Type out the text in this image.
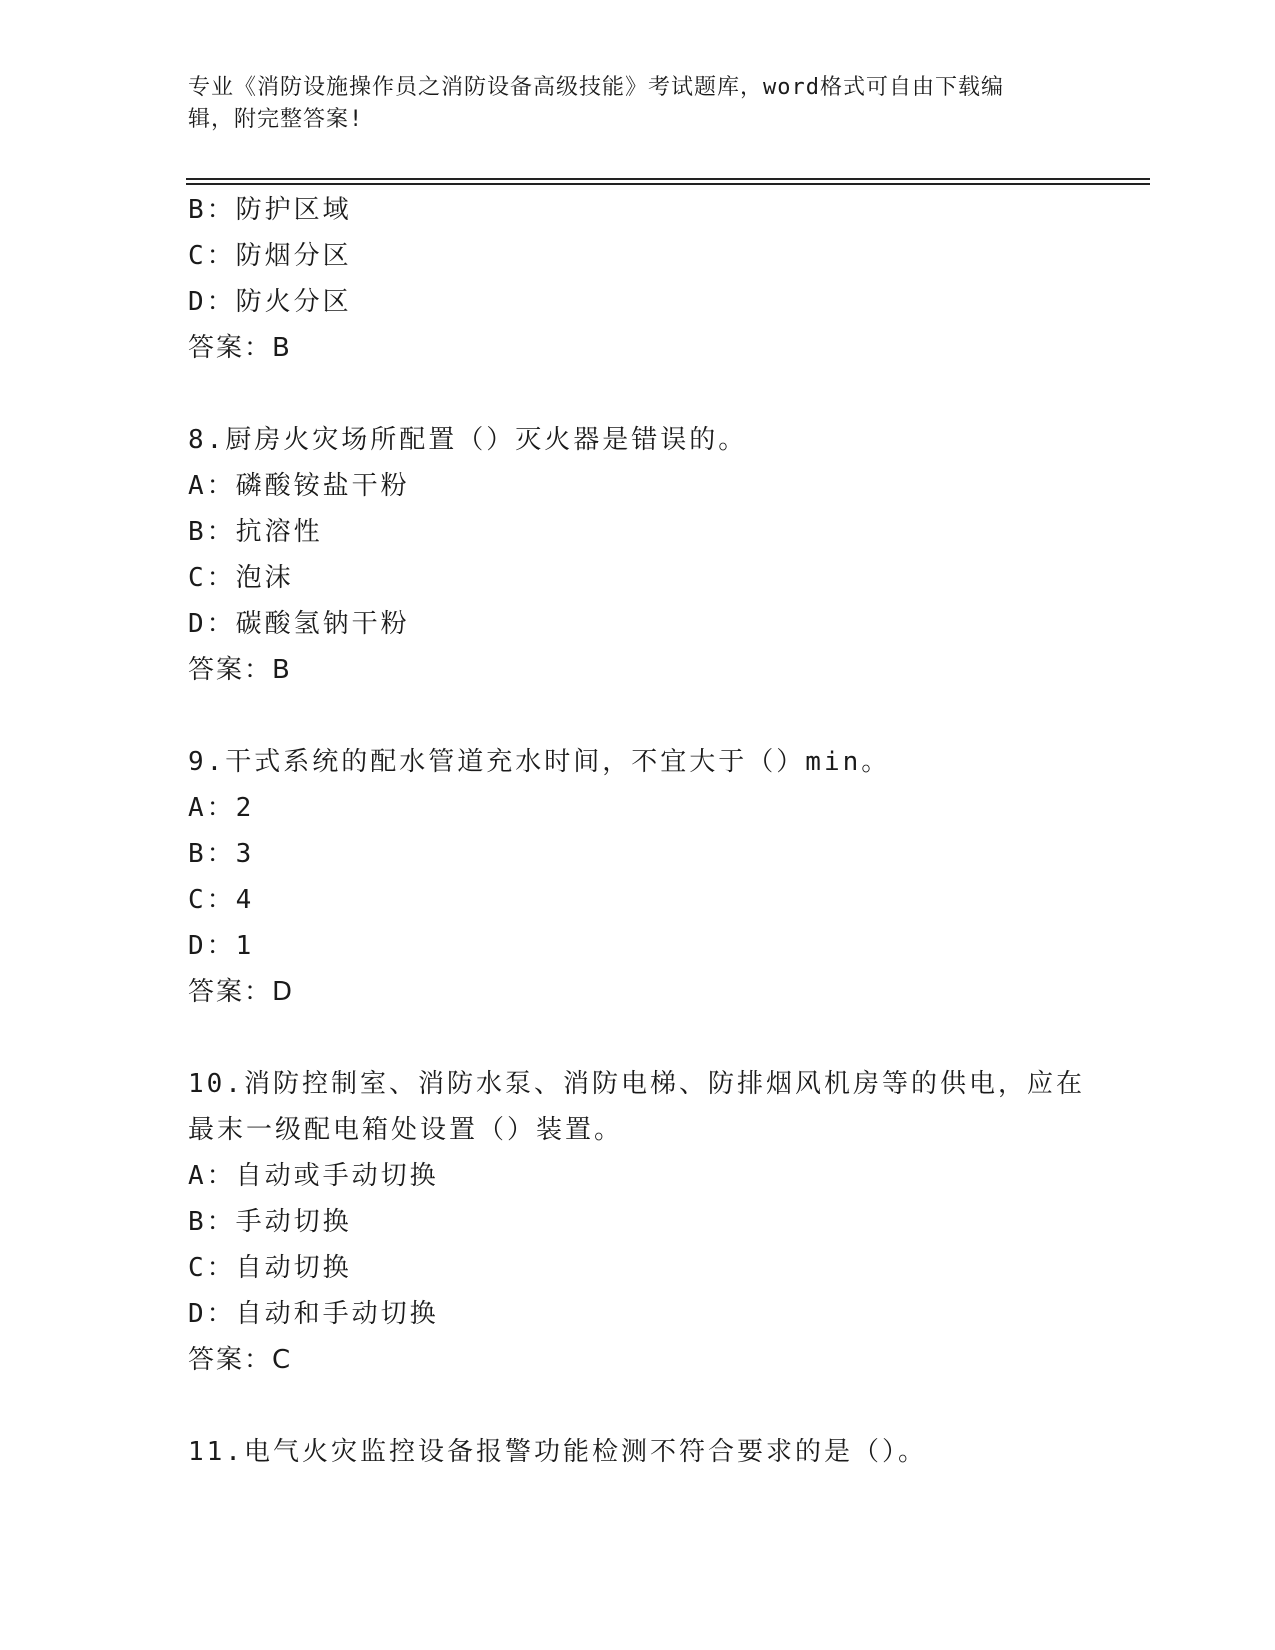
专业《消防设施操作员之消防设备高级技能》考试题库，word格式可自由下载编
辑，附完整答案!
B：防护区域
C：防烟分区
D：防火分区
答案：B
8.厨房火灾场所配置（）灭火器是错误的。
A：磷酸铵盐干粉
B：抗溶性
C：泡沫
D：碳酸氢钠干粉
答案：B
9.干式系统的配水管道充水时间，不宜大于（）min。
A：2
B：3
C：4
D：1
答案：D
10.消防控制室、消防水泵、消防电梯、防排烟风机房等的供电，应在
最末一级配电箱处设置（）装置。
A：自动或手动切换
B：手动切换
C：自动切换
D：自动和手动切换
答案：C
11.电气火灾监控设备报警功能检测不符合要求的是（）。
